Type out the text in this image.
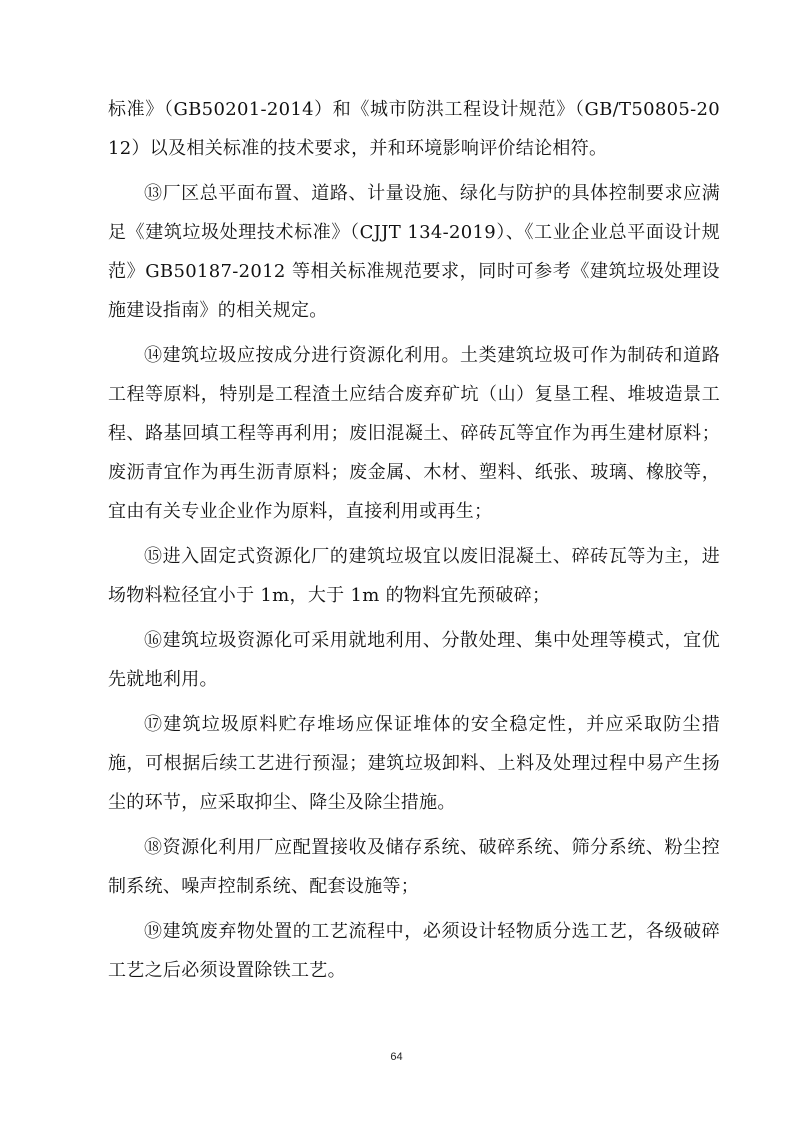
标准》（GB50201-2014）和《城市防洪工程设计规范》（GB/T50805-2012）以及相关标准的技术要求，并和环境影响评价结论相符。

⑬厂区总平面布置、道路、计量设施、绿化与防护的具体控制要求应满足《建筑垃圾处理技术标准》（CJJT 134-2019）、《工业企业总平面设计规范》GB50187-2012 等相关标准规范要求，同时可参考《建筑垃圾处理设施建设指南》的相关规定。

⑭建筑垃圾应按成分进行资源化利用。土类建筑垃圾可作为制砖和道路工程等原料，特别是工程渣土应结合废弃矿坑（山）复垦工程、堆坡造景工程、路基回填工程等再利用；废旧混凝土、碎砖瓦等宜作为再生建材原料；废沥青宜作为再生沥青原料；废金属、木材、塑料、纸张、玻璃、橡胶等，宜由有关专业企业作为原料，直接利用或再生；

⑮进入固定式资源化厂的建筑垃圾宜以废旧混凝土、碎砖瓦等为主，进场物料粒径宜小于 1m，大于 1m 的物料宜先预破碎；

⑯建筑垃圾资源化可采用就地利用、分散处理、集中处理等模式，宜优先就地利用。

⑰建筑垃圾原料贮存堆场应保证堆体的安全稳定性，并应采取防尘措施，可根据后续工艺进行预湿；建筑垃圾卸料、上料及处理过程中易产生扬尘的环节，应采取抑尘、降尘及除尘措施。

⑱资源化利用厂应配置接收及储存系统、破碎系统、筛分系统、粉尘控制系统、噪声控制系统、配套设施等；

⑲建筑废弃物处置的工艺流程中，必须设计轻物质分选工艺，各级破碎工艺之后必须设置除铁工艺。

64
